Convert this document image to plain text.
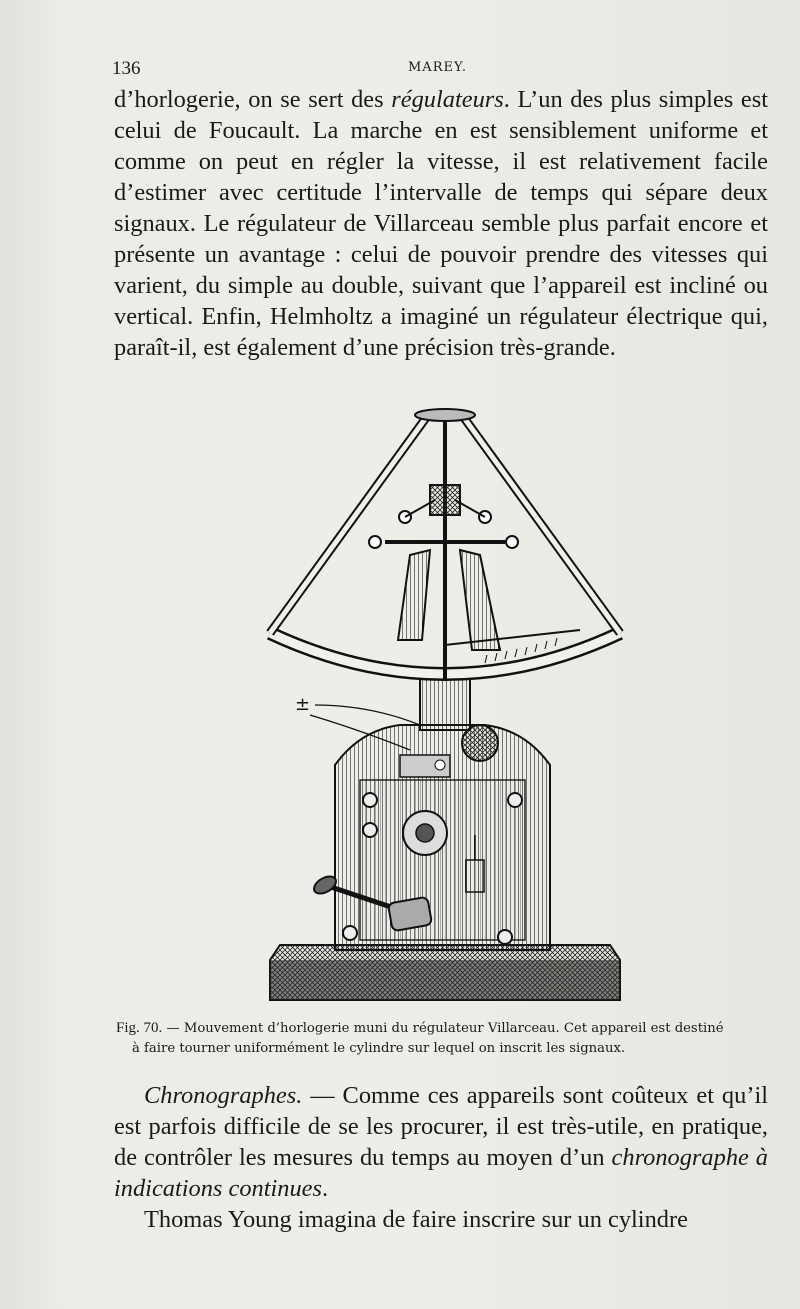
136	MAREY.

d’horlogerie, on se sert des régulateurs. L’un des plus simples est celui de Foucault. La marche en est sensiblement uniforme et comme on peut en régler la vitesse, il est relativement facile d’estimer avec certitude l’intervalle de temps qui sépare deux signaux. Le régulateur de Villarceau semble plus parfait encore et présente un avantage : celui de pouvoir prendre des vitesses qui varient, du simple au double, suivant que l’appareil est incliné ou vertical. Enfin, Helmholtz a imaginé un régulateur électrique qui, paraît-il, est également d’une précision très-grande.

±
Fig. 70. — Mouvement d’horlogerie muni du régulateur Villarceau. Cet appareil est destiné
à faire tourner uniformément le cylindre sur lequel on inscrit les signaux.

Chronographes. — Comme ces appareils sont coûteux et qu’il est parfois difficile de se les procurer, il est très-utile, en pratique, de contrôler les mesures du temps au moyen d’un chronographe à indications continues.

Thomas Young imagina de faire inscrire sur un cylindre
